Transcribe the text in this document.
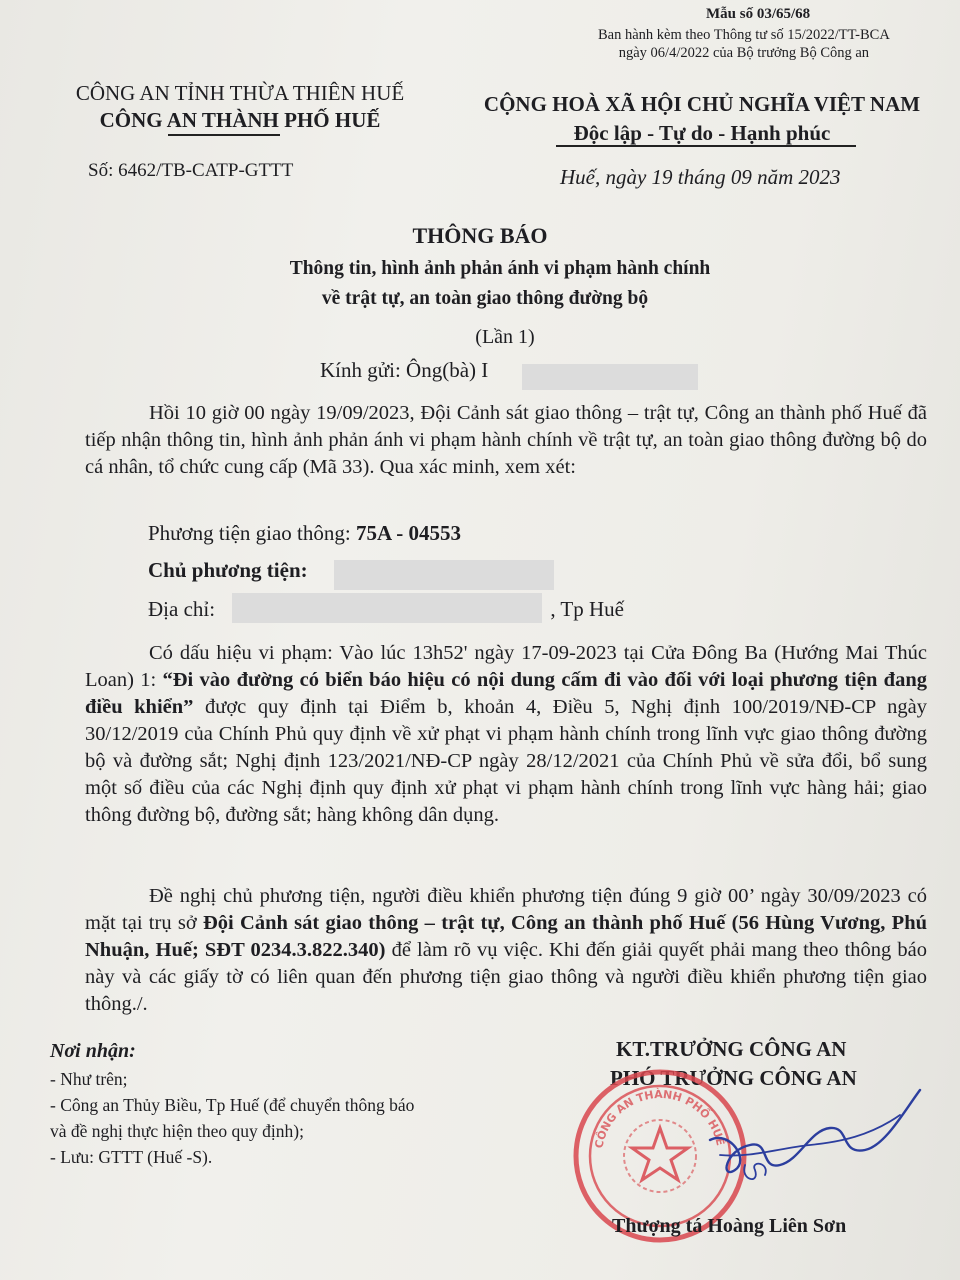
Mẫu số 03/65/68
Ban hành kèm theo Thông tư số 15/2022/TT-BCA
ngày 06/4/2022 của Bộ trưởng Bộ Công an
CÔNG AN TỈNH THỪA THIÊN HUẾ
CÔNG AN THÀNH PHỐ HUẾ
CỘNG HOÀ XÃ HỘI CHỦ NGHĨA VIỆT NAM
Độc lập - Tự do - Hạnh phúc
Số: 6462/TB-CATP-GTTT	Huế, ngày 19 tháng 09 năm 2023
THÔNG BÁO
Thông tin, hình ảnh phản ánh vi phạm hành chính
về trật tự, an toàn giao thông đường bộ
(Lần 1)
Kính gửi: Ông(bà) I
Hồi 10 giờ 00 ngày 19/09/2023, Đội Cảnh sát giao thông – trật tự, Công an thành phố Huế đã tiếp nhận thông tin, hình ảnh phản ánh vi phạm hành chính về trật tự, an toàn giao thông đường bộ do cá nhân, tổ chức cung cấp (Mã 33). Qua xác minh, xem xét:
Phương tiện giao thông: 75A - 04553
Chủ phương tiện:
Địa chỉ:	, Tp Huế
Có dấu hiệu vi phạm: Vào lúc 13h52' ngày 17-09-2023 tại Cửa Đông Ba (Hướng Mai Thúc Loan) 1: “Đi vào đường có biển báo hiệu có nội dung cấm đi vào đối với loại phương tiện đang điều khiển” được quy định tại Điểm b, khoản 4, Điều 5, Nghị định 100/2019/NĐ-CP ngày 30/12/2019 của Chính Phủ quy định về xử phạt vi phạm hành chính trong lĩnh vực giao thông đường bộ và đường sắt; Nghị định 123/2021/NĐ-CP ngày 28/12/2021 của Chính Phủ về sửa đổi, bổ sung một số điều của các Nghị định quy định xử phạt vi phạm hành chính trong lĩnh vực hàng hải; giao thông đường bộ, đường sắt; hàng không dân dụng.
Đề nghị chủ phương tiện, người điều khiển phương tiện đúng 9 giờ 00’ ngày 30/09/2023 có mặt tại trụ sở Đội Cảnh sát giao thông – trật tự, Công an thành phố Huế (56 Hùng Vương, Phú Nhuận, Huế; SĐT 0234.3.822.340) để làm rõ vụ việc. Khi đến giải quyết phải mang theo thông báo này và các giấy tờ có liên quan đến phương tiện giao thông và người điều khiển phương tiện giao thông./.
Nơi nhận:
- Như trên;
- Công an Thủy Biều, Tp Huế (để chuyển thông báo
và đề nghị thực hiện theo quy định);
- Lưu: GTTT (Huế -S).
KT.TRƯỞNG CÔNG AN
PHÓ TRƯỞNG CÔNG AN
CÔNG AN THÀNH PHỐ HUẾ
Thượng tá Hoàng Liên Sơn
